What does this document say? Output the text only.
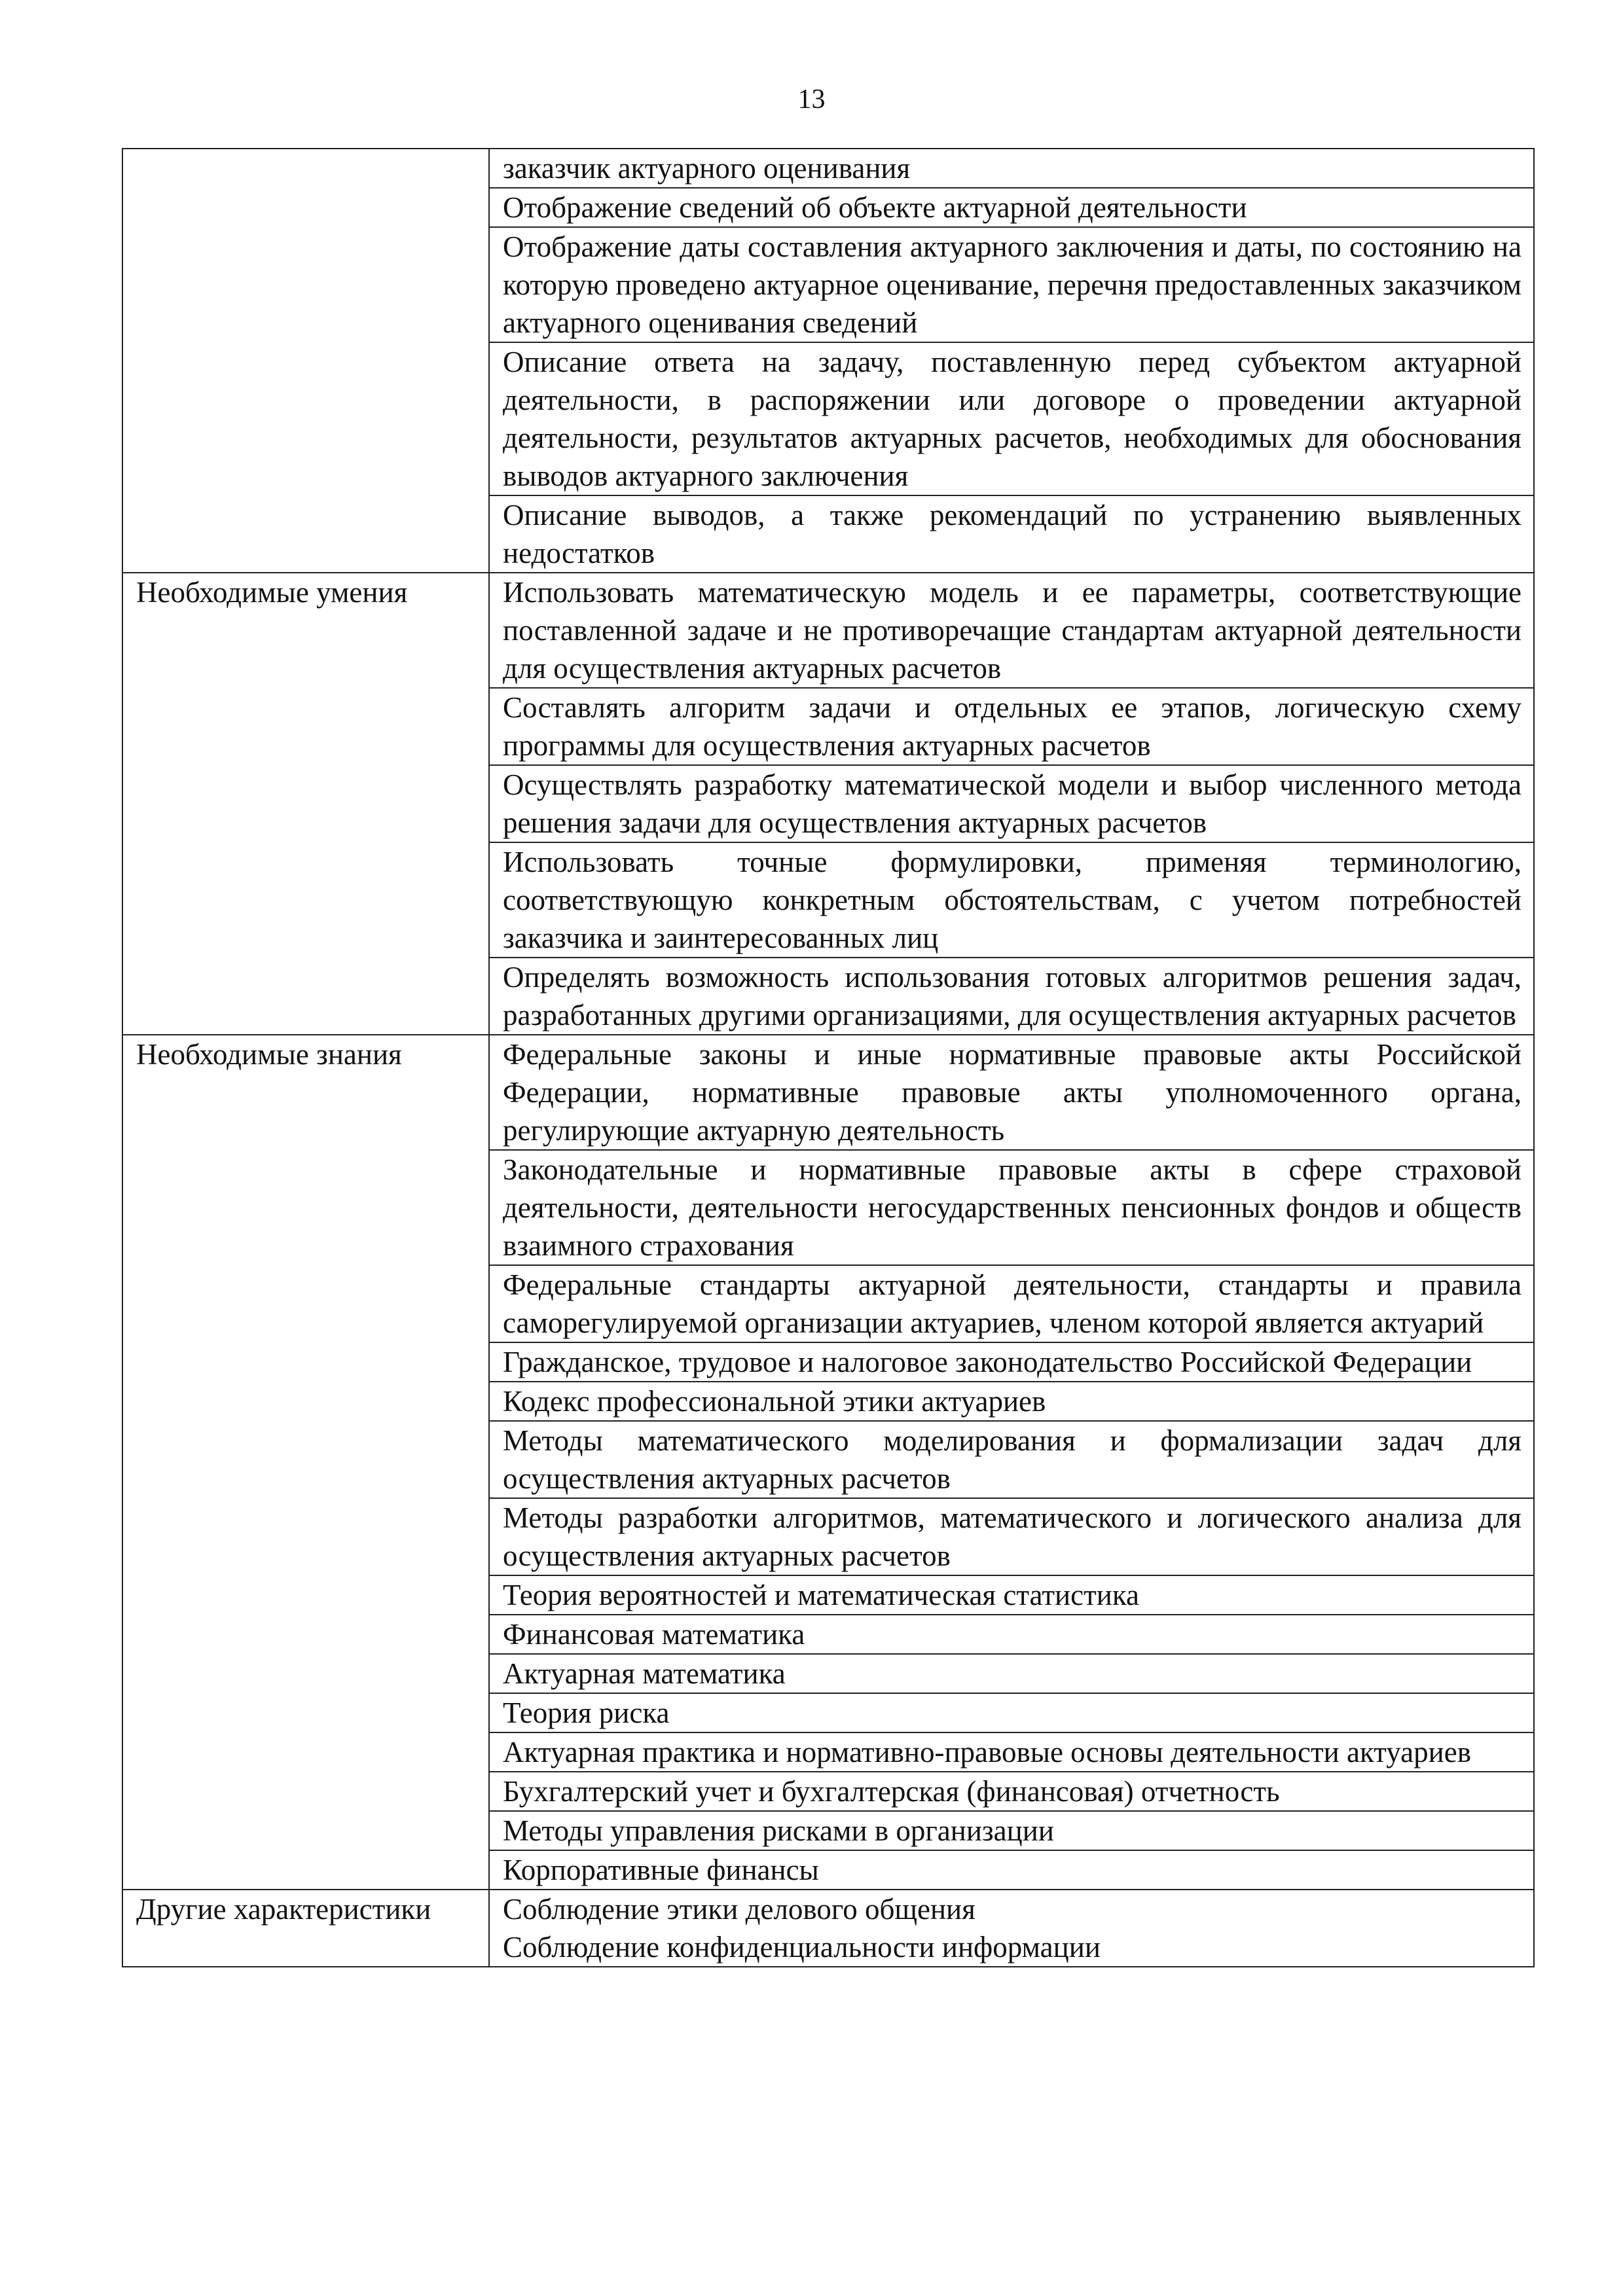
13
	заказчик актуарного оценивания
	Отображение сведений об объекте актуарной деятельности
	Отображение даты составления актуарного заключения и даты, по состоянию на которую проведено актуарное оценивание, перечня предоставленных заказчиком актуарного оценивания сведений
	Описание ответа на задачу, поставленную перед субъектом актуарной деятельности, в распоряжении или договоре о проведении актуарной деятельности, результатов актуарных расчетов, необходимых для обоснования выводов актуарного заключения
	Описание выводов, а также рекомендаций по устранению выявленных недостатков
Необходимые умения	Использовать математическую модель и ее параметры, соответствующие поставленной задаче и не противоречащие стандартам актуарной деятельности для осуществления актуарных расчетов
	Составлять алгоритм задачи и отдельных ее этапов, логическую схему программы для осуществления актуарных расчетов
	Осуществлять разработку математической модели и выбор численного метода решения задачи для осуществления актуарных расчетов
	Использовать точные формулировки, применяя терминологию, соответствующую конкретным обстоятельствам, с учетом потребностей заказчика и заинтересованных лиц
	Определять возможность использования готовых алгоритмов решения задач, разработанных другими организациями, для осуществления актуарных расчетов
Необходимые знания	Федеральные законы и иные нормативные правовые акты Российской Федерации, нормативные правовые акты уполномоченного органа, регулирующие актуарную деятельность
	Законодательные и нормативные правовые акты в сфере страховой деятельности, деятельности негосударственных пенсионных фондов и обществ взаимного страхования
	Федеральные стандарты актуарной деятельности, стандарты и правила саморегулируемой организации актуариев, членом которой является актуарий
	Гражданское, трудовое и налоговое законодательство Российской Федерации
	Кодекс профессиональной этики актуариев
	Методы математического моделирования и формализации задач для осуществления актуарных расчетов
	Методы разработки алгоритмов, математического и логического анализа для осуществления актуарных расчетов
	Теория вероятностей и математическая статистика
	Финансовая математика
	Актуарная математика
	Теория риска
	Актуарная практика и нормативно-правовые основы деятельности актуариев
	Бухгалтерский учет и бухгалтерская (финансовая) отчетность
	Методы управления рисками в организации
	Корпоративные финансы
Другие характеристики	Соблюдение этики делового общения
	Соблюдение конфиденциальности информации
